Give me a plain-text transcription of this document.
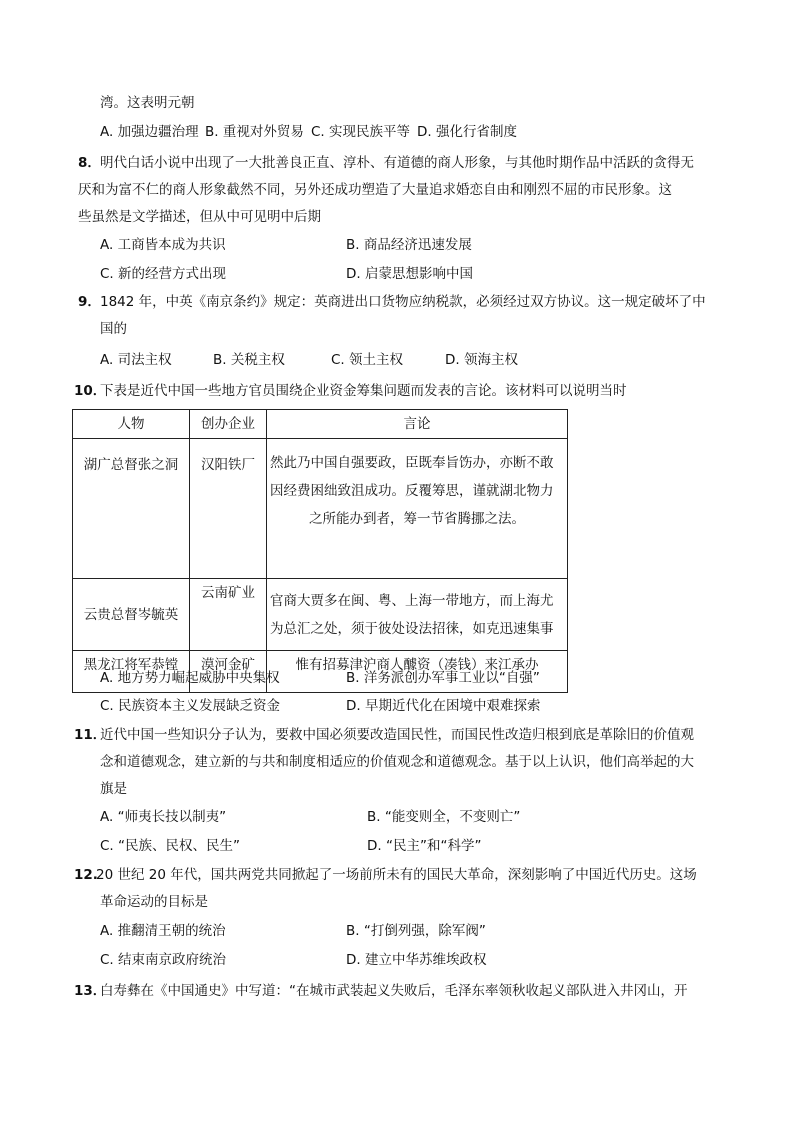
湾。这表明元朝
A. 加强边疆治理 B. 重视对外贸易 C. 实现民族平等 D. 强化行省制度
8． 明代白话小说中出现了一大批善良正直、淳朴、有道德的商人形象，与其他时期作品中活跃的贪得无
厌和为富不仁的商人形象截然不同，另外还成功塑造了大量追求婚恋自由和刚烈不屈的市民形象。这
些虽然是文学描述，但从中可见明中后期
A. 工商皆本成为共识	B. 商品经济迅速发展
C. 新的经营方式出现	D. 启蒙思想影响中国
9． 1842 年，中英《南京条约》规定：英商进出口货物应纳税款，必须经过双方协议。这一规定破坏了中
国的
A. 司法主权	B. 关税主权	C. 领土主权	D. 领海主权
10．
下表是近代中国一些地方官员围绕企业资金筹集问题而发表的言论。该材料可以说明当时
人物	创办企业	言论
湖广总督张之洞	汉阳铁厂	然此乃中国自强要政，臣既奉旨饬办，亦断不敢
因经费困绌致沮成功。反覆筹思，谨就湖北物力
之所能办到者，筹一节省腾挪之法。

云贵总督岑毓英	云南矿业	官商大贾多在闽、粤、上海一带地方，而上海尤
为总汇之处，须于彼处设法招徕，如克迅速集事

黑龙江将军恭镗	漠河金矿	惟有招募津沪商人醵资（凑钱）来江承办
A. 地方势力崛起威胁中央集权	B. 洋务派创办军事工业以“自强”
C. 民族资本主义发展缺乏资金	D. 早期近代化在困境中艰难探索
11．
近代中国一些知识分子认为，要救中国必须要改造国民性，而国民性改造归根到底是革除旧的价值观
念和道德观念，建立新的与共和制度相适应的价值观念和道德观念。基于以上认识，他们高举起的大
旗是
A. “师夷长技以制夷”	B. “能变则全，不变则亡”
C. “民族、民权、民生”	D. “民主”和“科学”
12.
20 世纪 20 年代，国共两党共同掀起了一场前所未有的国民大革命，深刻影响了中国近代历史。这场
革命运动的目标是
A. 推翻清王朝的统治	B. “打倒列强，除军阀”
C. 结束南京政府统治	D. 建立中华苏维埃政权
13．
白寿彝在《中国通史》中写道：“在城市武装起义失败后，毛泽东率领秋收起义部队进入井冈山，开
